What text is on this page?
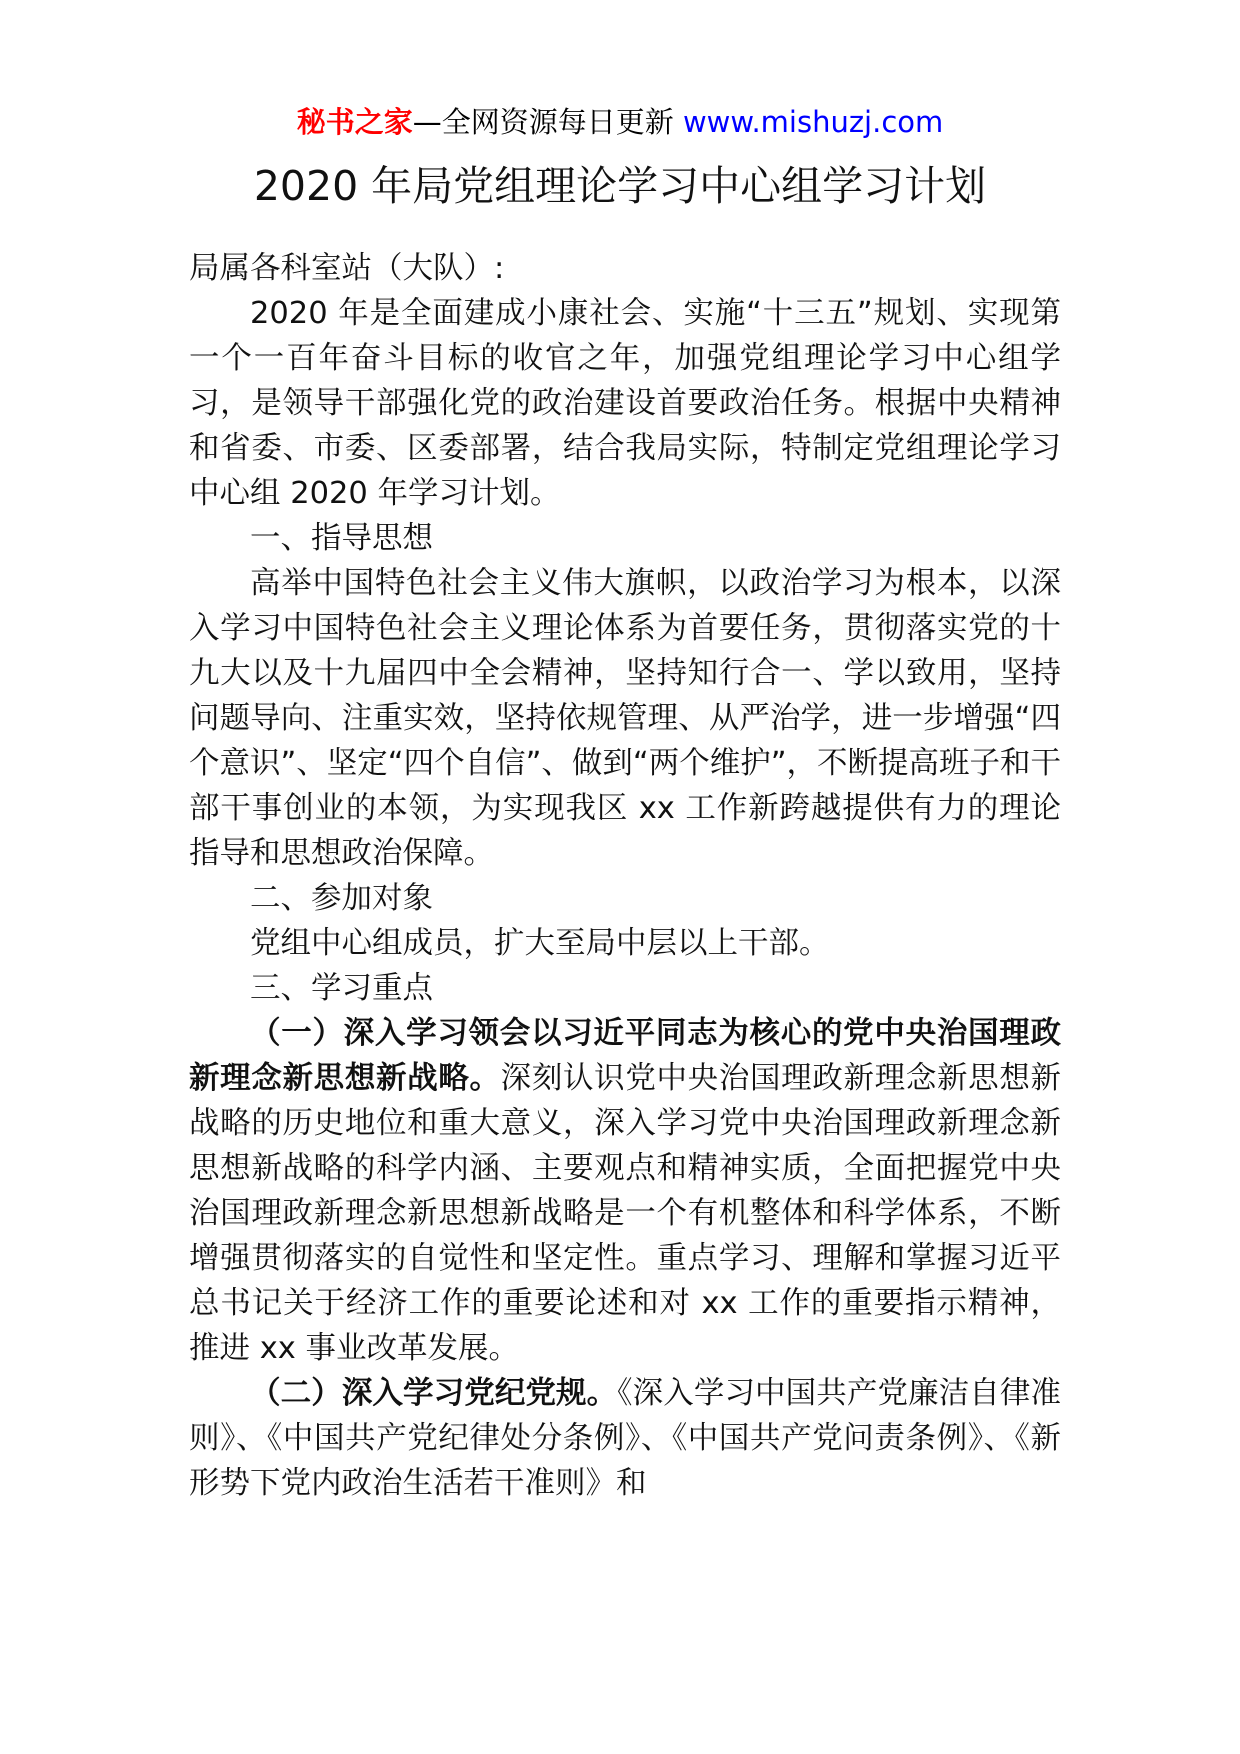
秘书之家—全网资源每日更新 www.mishuzj.com
2020 年局党组理论学习中心组学习计划

局属各科室站（大队）:

2020 年是全面建成小康社会、实施“十三五”规划、实现第一个一百年奋斗目标的收官之年，加强党组理论学习中心组学习，是领导干部强化党的政治建设首要政治任务。根据中央精神和省委、市委、区委部署，结合我局实际，特制定党组理论学习中心组 2020 年学习计划。

一、指导思想

高举中国特色社会主义伟大旗帜，以政治学习为根本，以深入学习中国特色社会主义理论体系为首要任务，贯彻落实党的十九大以及十九届四中全会精神，坚持知行合一、学以致用，坚持问题导向、注重实效，坚持依规管理、从严治学，进一步增强“四个意识”、坚定“四个自信”、做到“两个维护”，不断提高班子和干部干事创业的本领，为实现我区 xx 工作新跨越提供有力的理论指导和思想政治保障。

二、参加对象

党组中心组成员，扩大至局中层以上干部。

三、学习重点

（一）深入学习领会以习近平同志为核心的党中央治国理政新理念新思想新战略。深刻认识党中央治国理政新理念新思想新战略的历史地位和重大意义，深入学习党中央治国理政新理念新思想新战略的科学内涵、主要观点和精神实质，全面把握党中央治国理政新理念新思想新战略是一个有机整体和科学体系，不断增强贯彻落实的自觉性和坚定性。重点学习、理解和掌握习近平总书记关于经济工作的重要论述和对 xx 工作的重要指示精神，推进 xx 事业改革发展。

（二）深入学习党纪党规。《深入学习中国共产党廉洁自律准则》、《中国共产党纪律处分条例》、《中国共产党问责条例》、《新形势下党内政治生活若干准则》和
